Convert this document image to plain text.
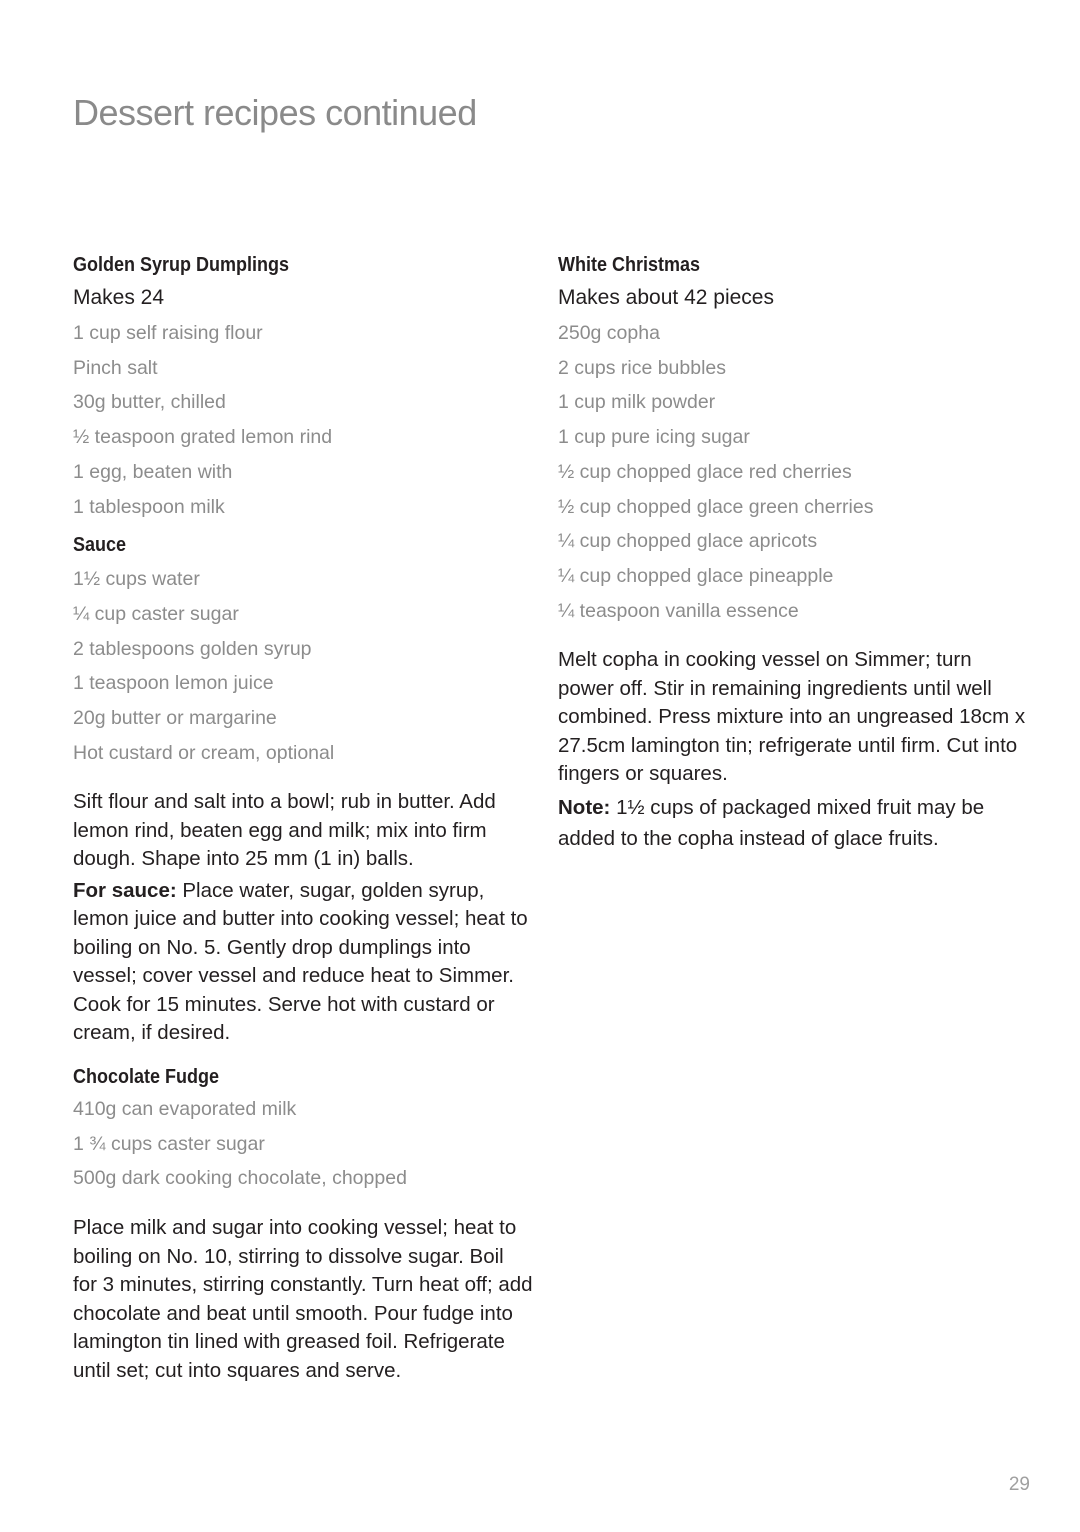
Dessert recipes continued
Golden Syrup Dumplings
Makes 24
1 cup self raising flour
Pinch salt
30g butter, chilled
½ teaspoon grated lemon rind
1 egg, beaten with
1 tablespoon milk
Sauce
1½ cups water
¼ cup caster sugar
2 tablespoons golden syrup
1 teaspoon lemon juice
20g butter or margarine
Hot custard or cream, optional

Sift flour and salt into a bowl; rub in butter. Add lemon rind, beaten egg and milk; mix into firm dough. Shape into 25 mm (1 in) balls.

For sauce: Place water, sugar, golden syrup, lemon juice and butter into cooking vessel; heat to boiling on No. 5. Gently drop dumplings into vessel; cover vessel and reduce heat to Simmer. Cook for 15 minutes. Serve hot with custard or cream, if desired.

Chocolate Fudge
410g can evaporated milk
1 ¾ cups caster sugar
500g dark cooking chocolate, chopped

Place milk and sugar into cooking vessel; heat to boiling on No. 10, stirring to dissolve sugar. Boil for 3 minutes, stirring constantly. Turn heat off; add chocolate and beat until smooth. Pour fudge into lamington tin lined with greased foil. Refrigerate until set; cut into squares and serve.

White Christmas
Makes about 42 pieces
250g copha
2 cups rice bubbles
1 cup milk powder
1 cup pure icing sugar
½ cup chopped glace red cherries
½ cup chopped glace green cherries
¼ cup chopped glace apricots
¼ cup chopped glace pineapple
¼ teaspoon vanilla essence

Melt copha in cooking vessel on Simmer; turn power off. Stir in remaining ingredients until well combined. Press mixture into an ungreased 18cm x 27.5cm lamington tin; refrigerate until firm. Cut into fingers or squares.

Note: 1½ cups of packaged mixed fruit may be added to the copha instead of glace fruits.

29
